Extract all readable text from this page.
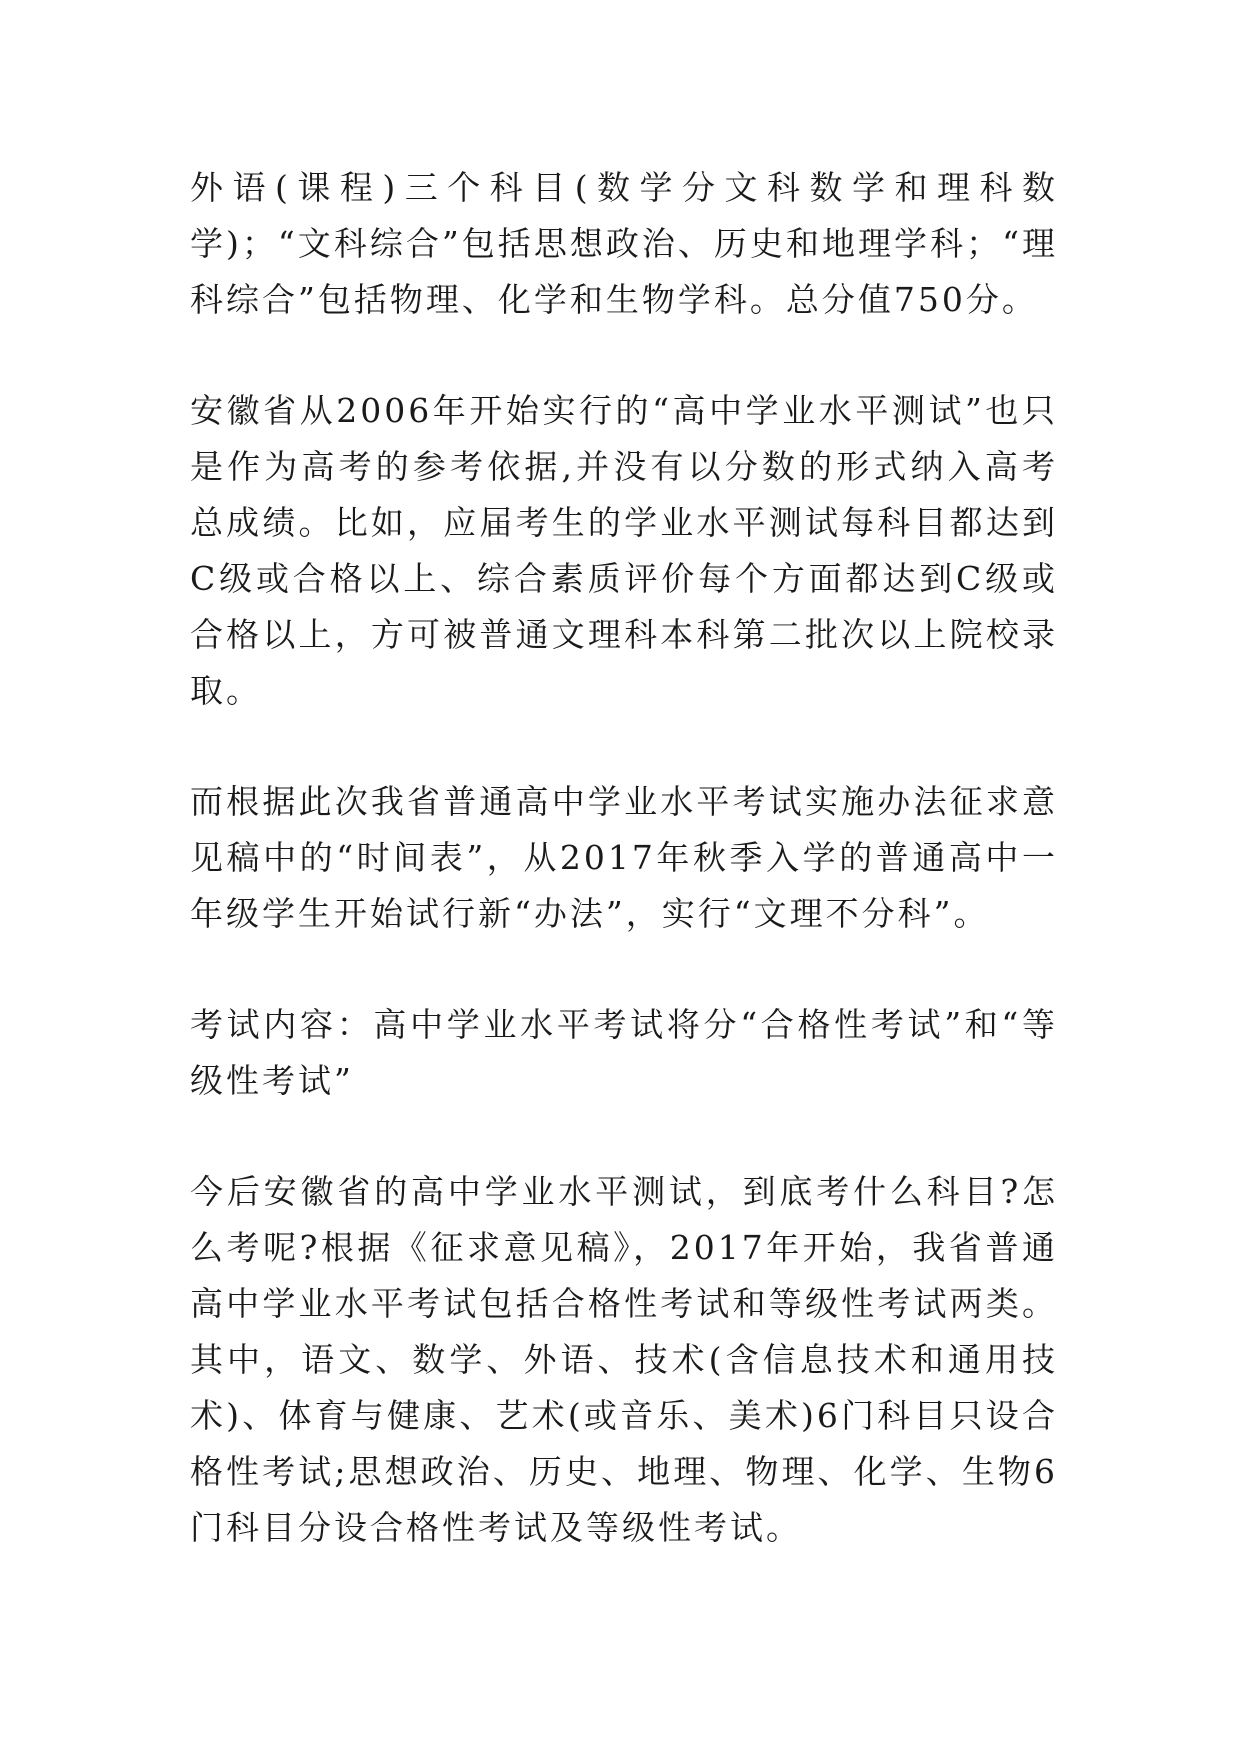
外语(课程)三个科目(数学分文科数学和理科数学)；“文科综合”包括思想政治、历史和地理学科；“理科综合”包括物理、化学和生物学科。总分值750分。

安徽省从2006年开始实行的“高中学业水平测试”也只是作为高考的参考依据,并没有以分数的形式纳入高考总成绩。比如，应届考生的学业水平测试每科目都达到C级或合格以上、综合素质评价每个方面都达到C级或合格以上，方可被普通文理科本科第二批次以上院校录取。

而根据此次我省普通高中学业水平考试实施办法征求意见稿中的“时间表”，从2017年秋季入学的普通高中一年级学生开始试行新“办法”，实行“文理不分科”。

考试内容：高中学业水平考试将分“合格性考试”和“等级性考试”

今后安徽省的高中学业水平测试，到底考什么科目?怎么考呢?根据《征求意见稿》，2017年开始，我省普通高中学业水平考试包括合格性考试和等级性考试两类。其中，语文、数学、外语、技术(含信息技术和通用技术)、体育与健康、艺术(或音乐、美术)6门科目只设合格性考试;思想政治、历史、地理、物理、化学、生物6门科目分设合格性考试及等级性考试。
